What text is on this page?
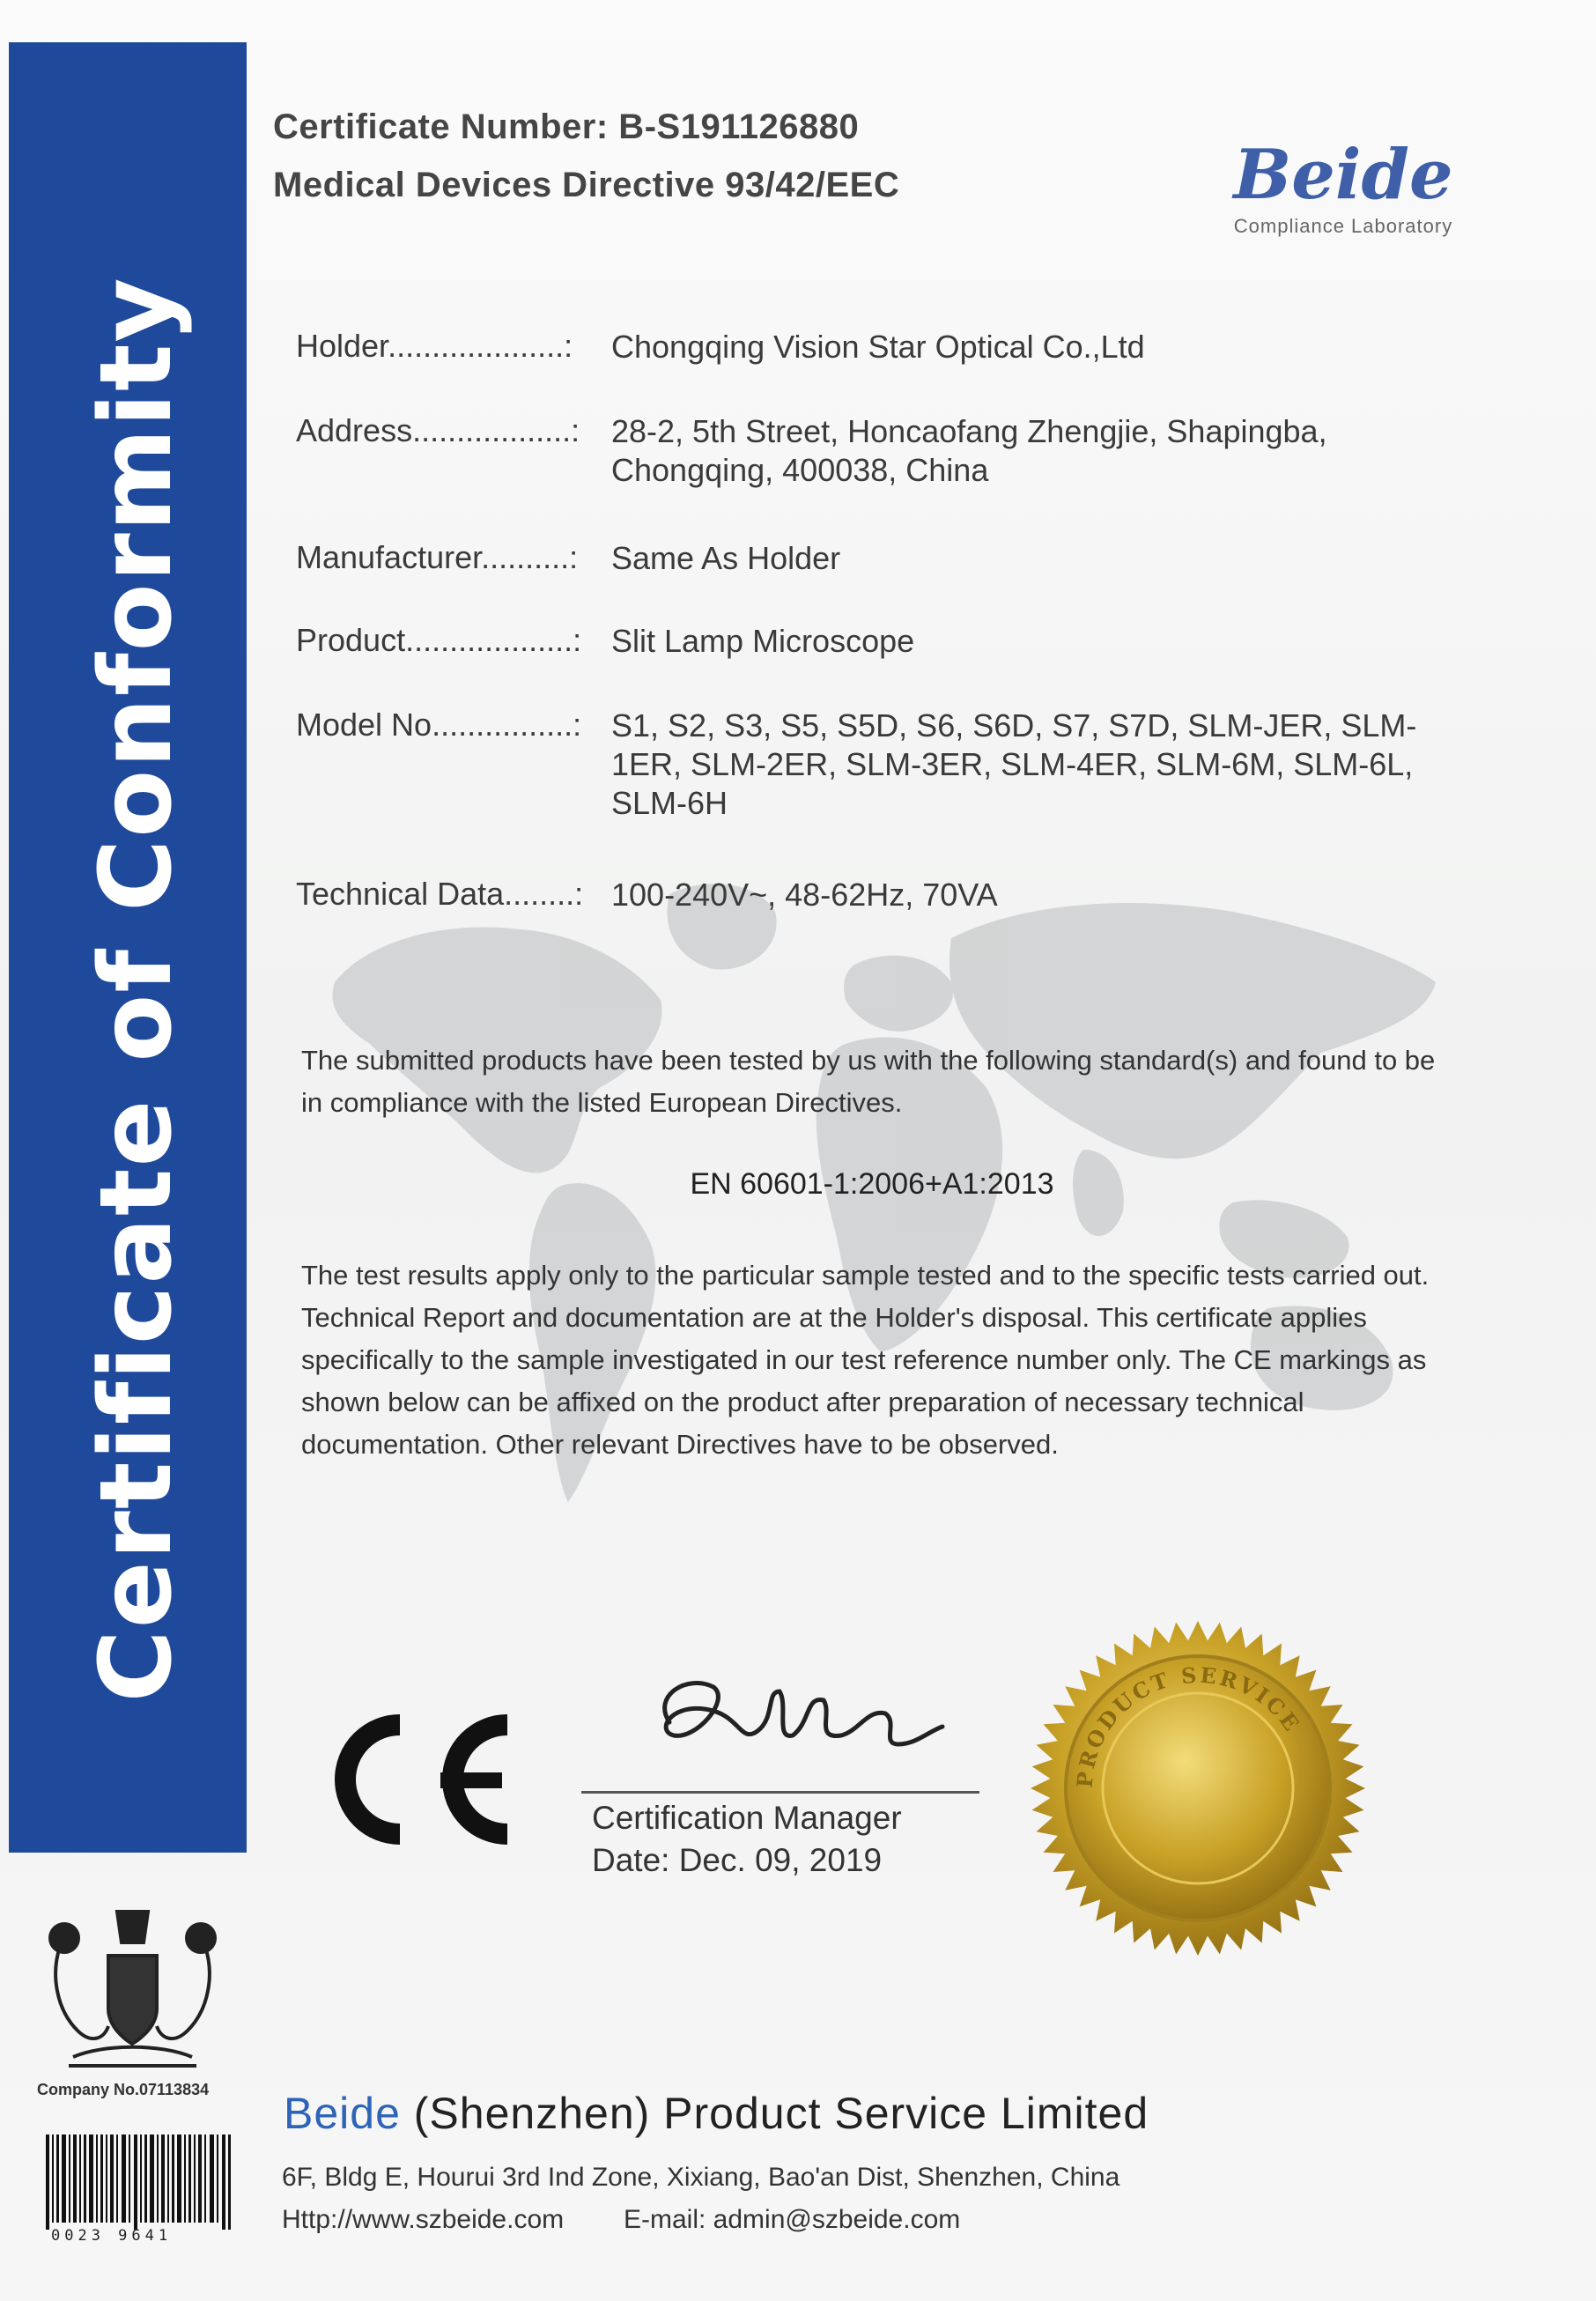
Certificate of Conformity
Certificate Number: B-S191126880
Medical Devices Directive 93/42/EEC	Beide
Compliance Laboratory
Holder....................: Chongqing Vision Star Optical Co.,Ltd
Address..................: 28-2, 5th Street, Honcaofang Zhengjie, Shapingba, Chongqing, 400038, China
Manufacturer..........: Same As Holder
Product...................: Slit Lamp Microscope
Model No................: S1, S2, S3, S5, S5D, S6, S6D, S7, S7D, SLM-JER, SLM-1ER, SLM-2ER, SLM-3ER, SLM-4ER, SLM-6M, SLM-6L, SLM-6H
Technical Data........: 100-240V~, 48-62Hz, 70VA
The submitted products have been tested by us with the following standard(s) and found to be in compliance with the listed European Directives.
EN 60601-1:2006+A1:2013
The test results apply only to the particular sample tested and to the specific tests carried out. Technical Report and documentation are at the Holder's disposal. This certificate applies specifically to the sample investigated in our test reference number only. The CE markings as shown below can be affixed on the product after preparation of necessary technical documentation. Other relevant Directives have to be observed.
Certification Manager
Date: Dec. 09, 2019
PRODUCT SERVICE
Company No.07113834
0023 9641
Beide (Shenzhen) Product Service Limited
6F, Bldg E, Hourui 3rd Ind Zone, Xixiang, Bao'an Dist, Shenzhen, China
Http://www.szbeide.com E-mail: admin@szbeide.com
